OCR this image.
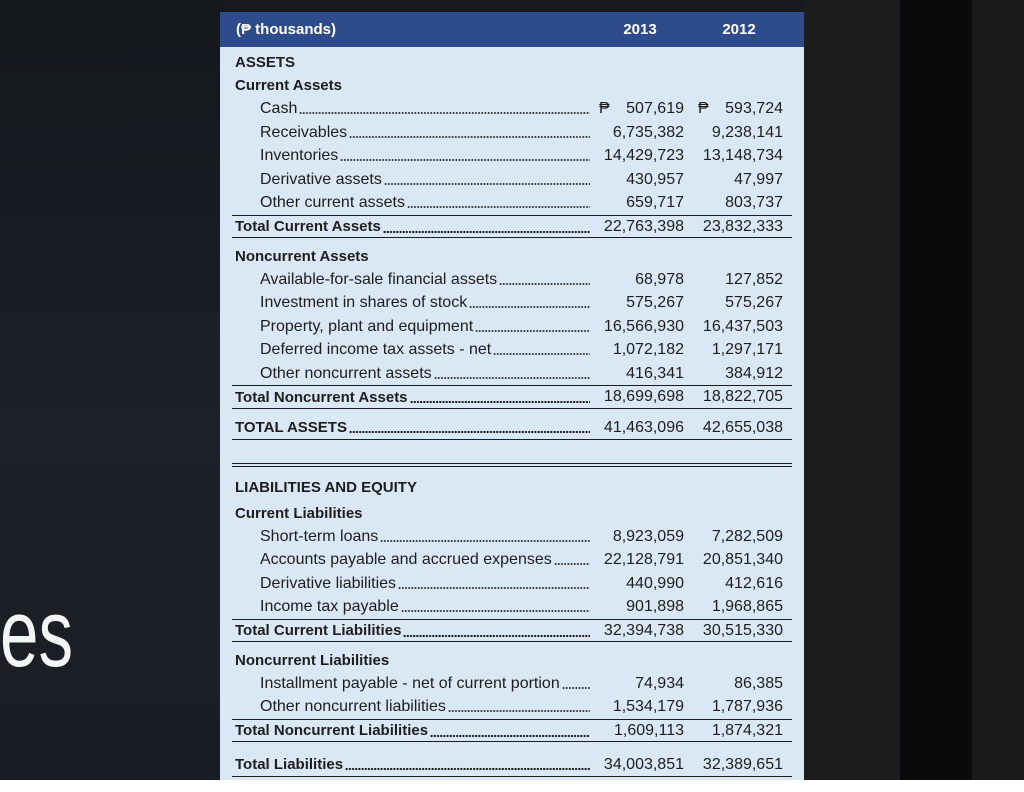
es
(₱ thousands)	2013	2012
ASSETS
Current Assets
Cash	₱ 507,619 ₱ 593,724
Receivables	6,735,382	9,238,141
Inventories	14,429,723	13,148,734
Derivative assets	430,957	47,997
Other current assets	659,717	803,737
Total Current Assets	22,763,398	23,832,333
Noncurrent Assets
Available-for-sale financial assets	68,978	127,852
Investment in shares of stock	575,267	575,267
Property, plant and equipment	16,566,930	16,437,503
Deferred income tax assets - net	1,072,182	1,297,171
Other noncurrent assets	416,341	384,912
Total Noncurrent Assets	18,699,698	18,822,705
TOTAL ASSETS	41,463,096	42,655,038
LIABILITIES AND EQUITY
Current Liabilities
Short-term loans	8,923,059	7,282,509
Accounts payable and accrued expenses	22,128,791	20,851,340
Derivative liabilities	440,990	412,616
Income tax payable	901,898	1,968,865
Total Current Liabilities	32,394,738	30,515,330
Noncurrent Liabilities
Installment payable - net of current portion	74,934	86,385
Other noncurrent liabilities	1,534,179	1,787,936
Total Noncurrent Liabilities	1,609,113	1,874,321
Total Liabilities	34,003,851	32,389,651
